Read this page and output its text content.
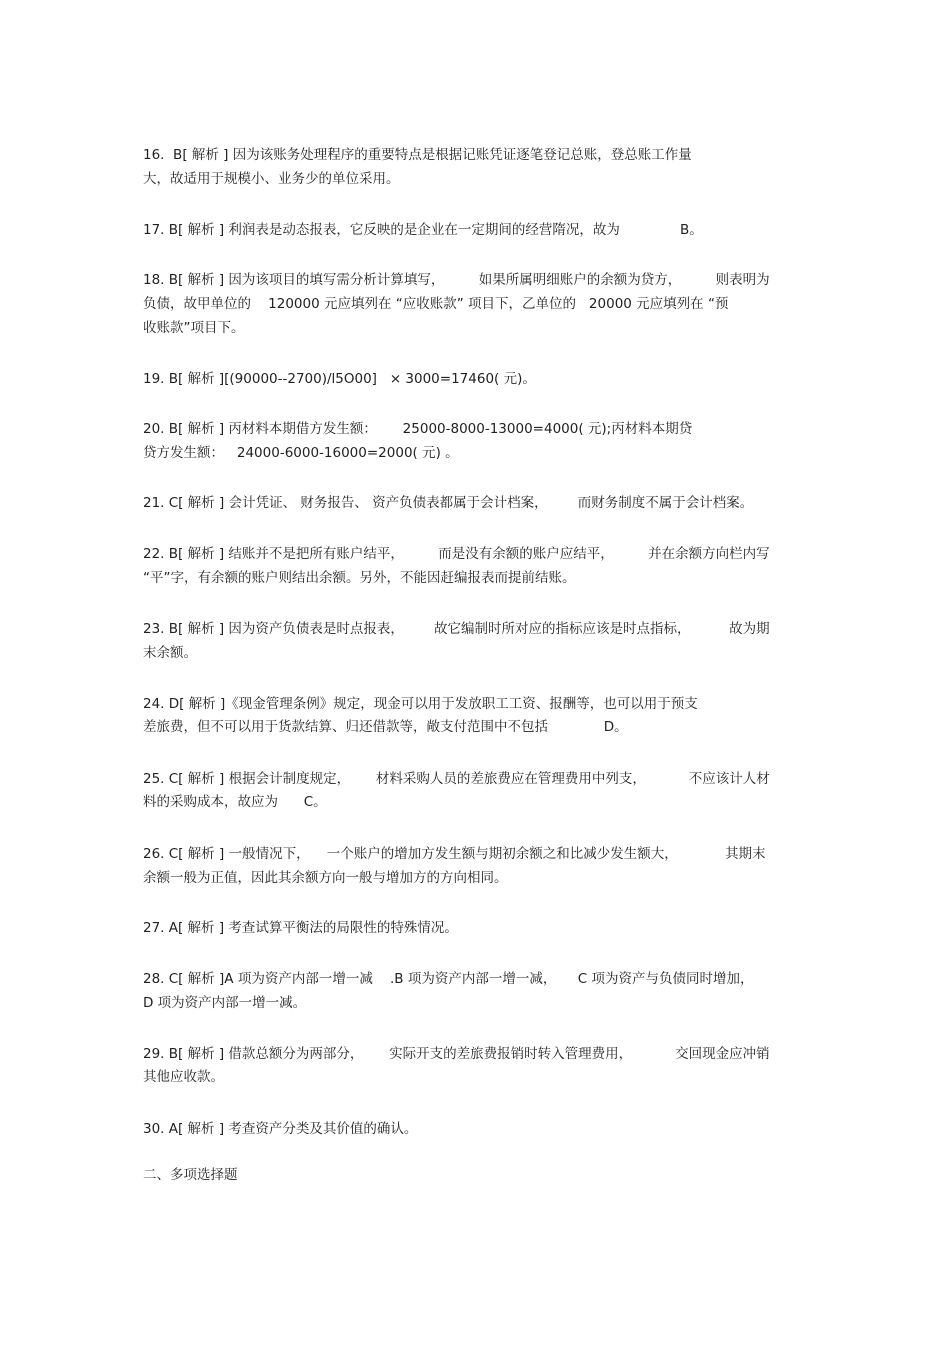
16.  B[ 解析 ] 因为该账务处理程序的重要特点是根据记账凭证逐笔登记总账，登总账工作量

大，故适用于规模小、业务少的单位采用。

17. B[ 解析 ] 利润表是动态报表，它反映的是企业在一定期间的经营隋况，故为              B。

18. B[ 解析 ] 因为该项目的填写需分析计算填写，        如果所属明细账户的余额为贷方，        则表明为

负债，故甲单位的    120000 元应填列在 “应收账款” 项目下，乙单位的   20000 元应填列在 “预

收账款”项目下。

19. B[ 解析 ][(90000--2700)/l5O00]   × 3000=17460( 元)。

20. B[ 解析 ] 丙材料本期借方发生额：      25000-8000-13000=4000( 元);丙材料本期贷

贷方发生额：   24000-6000-16000=2000( 元) 。

21. C[ 解析 ] 会计凭证、 财务报告、 资产负债表都属于会计档案，       而财务制度不属于会计档案。

22. B[ 解析 ] 结账并不是把所有账户结平，        而是没有余额的账户应结平，        并在余额方向栏内写

“平”字，有余额的账户则结出余额。另外，不能因赶编报表而提前结账。

23. B[ 解析 ] 因为资产负债表是时点报表，       故它编制时所对应的指标应该是时点指标，         故为期

末余额。

24. D[ 解析 ]《现金管理条例》规定，现金可以用于发放职工工资、报酬等，也可以用于预支

差旅费，但不可以用于货款结算、归还借款等，敞支付范围中不包括             D。

25. C[ 解析 ] 根据会计制度规定，      材料采购人员的差旅费应在管理费用中列支，          不应该计人材

料的采购成本，故应为      C。

26. C[ 解析 ] 一般情况下，    一个账户的增加方发生额与期初余额之和比减少发生额大，           其期末

余额一般为正值，因此其余额方向一般与增加方的方向相同。

27. A[ 解析 ] 考查试算平衡法的局限性的特殊情况。

28. C[ 解析 ]A 项为资产内部一增一减    .B 项为资产内部一增一减，     C 项为资产与负债同时增加，

D 项为资产内部一增一减。

29. B[ 解析 ] 借款总额分为两部分，      实际开支的差旅费报销时转入管理费用，          交回现金应冲销

其他应收款。

30. A[ 解析 ] 考查资产分类及其价值的确认。

二、多项选择题
